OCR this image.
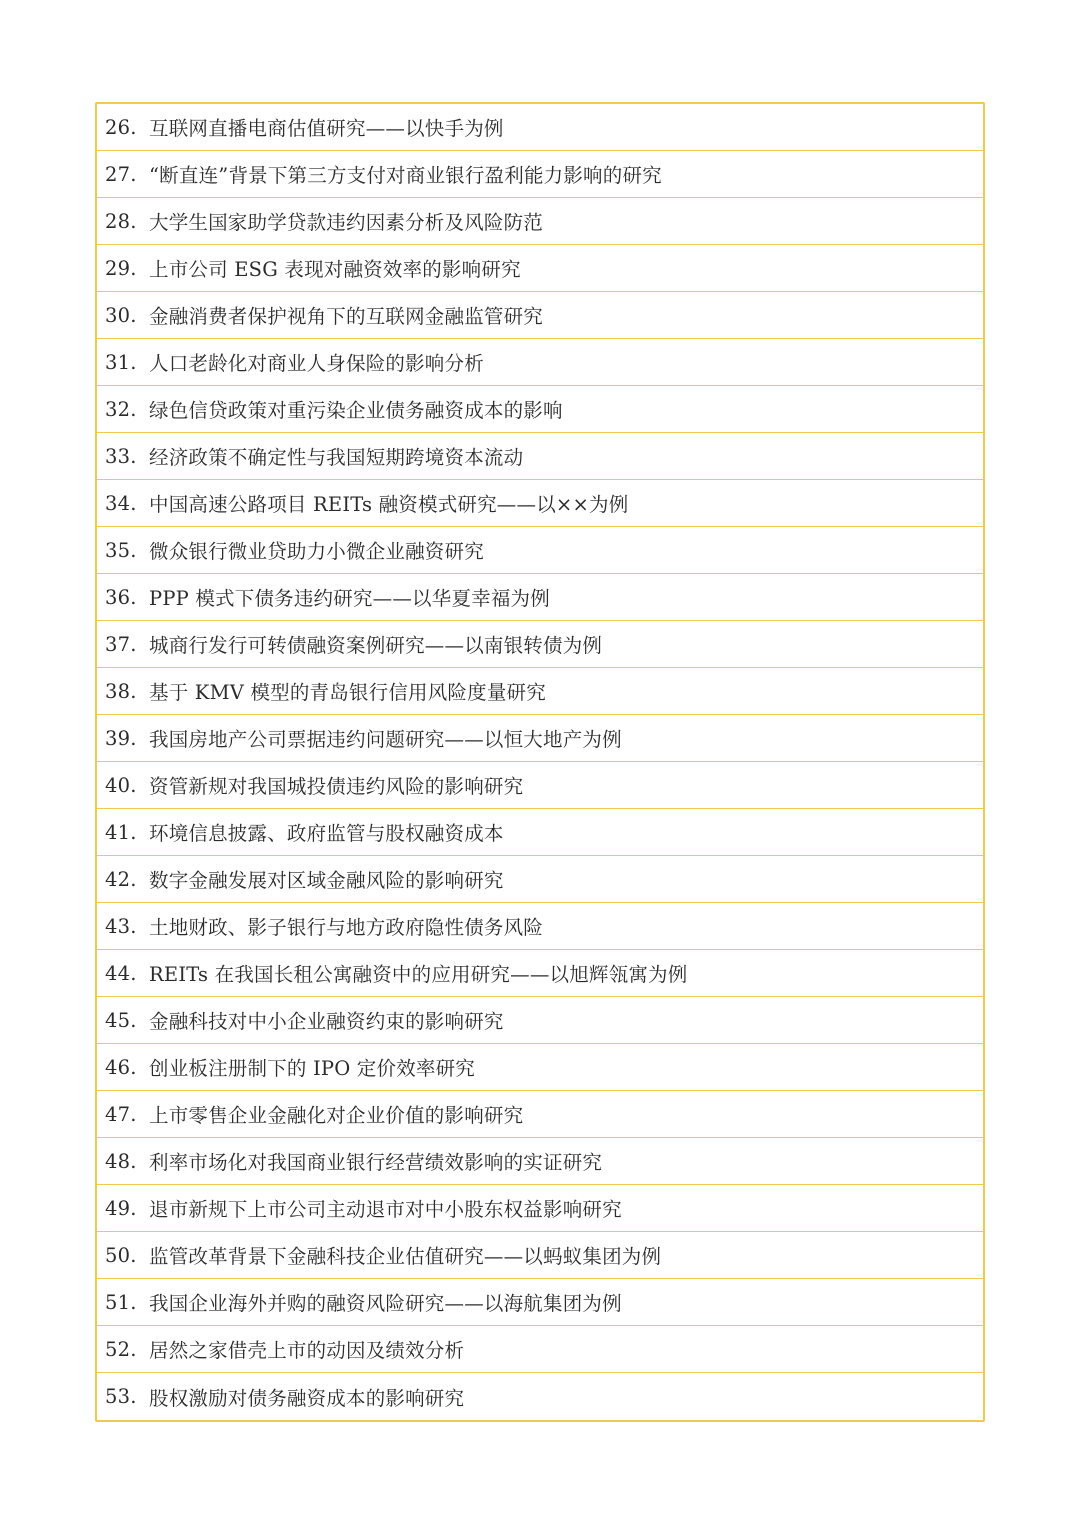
26. 互联网直播电商估值研究——以快手为例
27. “断直连”背景下第三方支付对商业银行盈利能力影响的研究
28. 大学生国家助学贷款违约因素分析及风险防范
29. 上市公司 ESG 表现对融资效率的影响研究
30. 金融消费者保护视角下的互联网金融监管研究
31. 人口老龄化对商业人身保险的影响分析
32. 绿色信贷政策对重污染企业债务融资成本的影响
33. 经济政策不确定性与我国短期跨境资本流动
34. 中国高速公路项目 REITs 融资模式研究——以××为例
35. 微众银行微业贷助力小微企业融资研究
36. PPP 模式下债务违约研究——以华夏幸福为例
37. 城商行发行可转债融资案例研究——以南银转债为例
38. 基于 KMV 模型的青岛银行信用风险度量研究
39. 我国房地产公司票据违约问题研究——以恒大地产为例
40. 资管新规对我国城投债违约风险的影响研究
41. 环境信息披露、政府监管与股权融资成本
42. 数字金融发展对区域金融风险的影响研究
43. 土地财政、影子银行与地方政府隐性债务风险
44. REITs 在我国长租公寓融资中的应用研究——以旭辉瓴寓为例
45. 金融科技对中小企业融资约束的影响研究
46. 创业板注册制下的 IPO 定价效率研究
47. 上市零售企业金融化对企业价值的影响研究
48. 利率市场化对我国商业银行经营绩效影响的实证研究
49. 退市新规下上市公司主动退市对中小股东权益影响研究
50. 监管改革背景下金融科技企业估值研究——以蚂蚁集团为例
51. 我国企业海外并购的融资风险研究——以海航集团为例
52. 居然之家借壳上市的动因及绩效分析
53. 股权激励对债务融资成本的影响研究
